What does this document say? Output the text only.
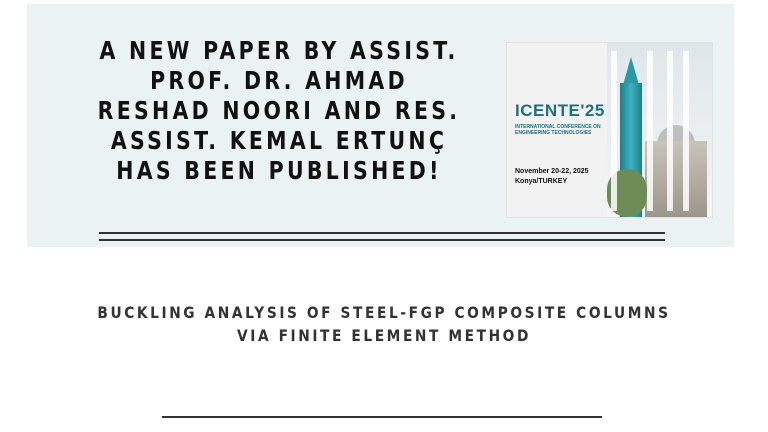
A NEW PAPER BY ASSIST. PROF. DR. AHMAD RESHAD NOORI AND RES. ASSIST. KEMAL ERTUNÇ HAS BEEN PUBLISHED!
ICENTE'25
INTERNATIONAL CONFERENCE ON ENGINEERING TECHNOLOGIES
November 20-22, 2025
Konya/TURKEY
BUCKLING ANALYSIS OF STEEL-FGP COMPOSITE COLUMNS
VIA FINITE ELEMENT METHOD
